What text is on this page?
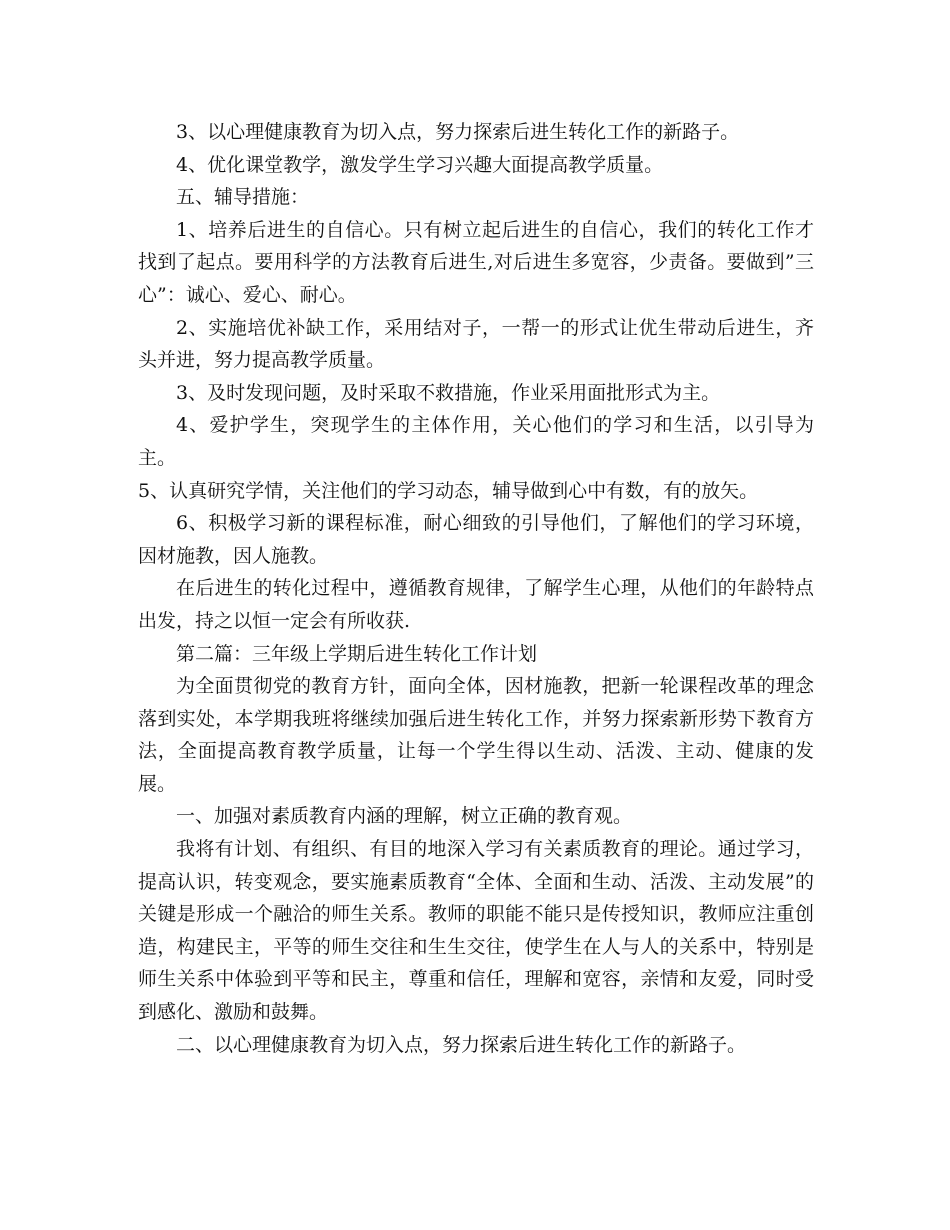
3、以心理健康教育为切入点，努力探索后进生转化工作的新路子。

4、优化课堂教学，激发学生学习兴趣大面提高教学质量。

五、辅导措施：

1、培养后进生的自信心。只有树立起后进生的自信心，我们的转化工作才找到了起点。要用科学的方法教育后进生,对后进生多宽容，少责备。要做到”三心”：诚心、爱心、耐心。

2、实施培优补缺工作，采用结对子，一帮一的形式让优生带动后进生，齐头并进，努力提高教学质量。

3、及时发现问题，及时采取不救措施，作业采用面批形式为主。

4、爱护学生，突现学生的主体作用，关心他们的学习和生活，以引导为主。

5、认真研究学情，关注他们的学习动态，辅导做到心中有数，有的放矢。

6、积极学习新的课程标准，耐心细致的引导他们，了解他们的学习环境，因材施教，因人施教。

在后进生的转化过程中，遵循教育规律，了解学生心理，从他们的年龄特点出发，持之以恒一定会有所收获.

第二篇：三年级上学期后进生转化工作计划

为全面贯彻党的教育方针，面向全体，因材施教，把新一轮课程改革的理念落到实处，本学期我班将继续加强后进生转化工作，并努力探索新形势下教育方法，全面提高教育教学质量，让每一个学生得以生动、活泼、主动、健康的发展。

一、加强对素质教育内涵的理解，树立正确的教育观。

我将有计划、有组织、有目的地深入学习有关素质教育的理论。通过学习，提高认识，转变观念，要实施素质教育“全体、全面和生动、活泼、主动发展”的关键是形成一个融洽的师生关系。教师的职能不能只是传授知识，教师应注重创造，构建民主，平等的师生交往和生生交往，使学生在人与人的关系中，特别是师生关系中体验到平等和民主，尊重和信任，理解和宽容，亲情和友爱，同时受到感化、激励和鼓舞。

二、以心理健康教育为切入点，努力探索后进生转化工作的新路子。
